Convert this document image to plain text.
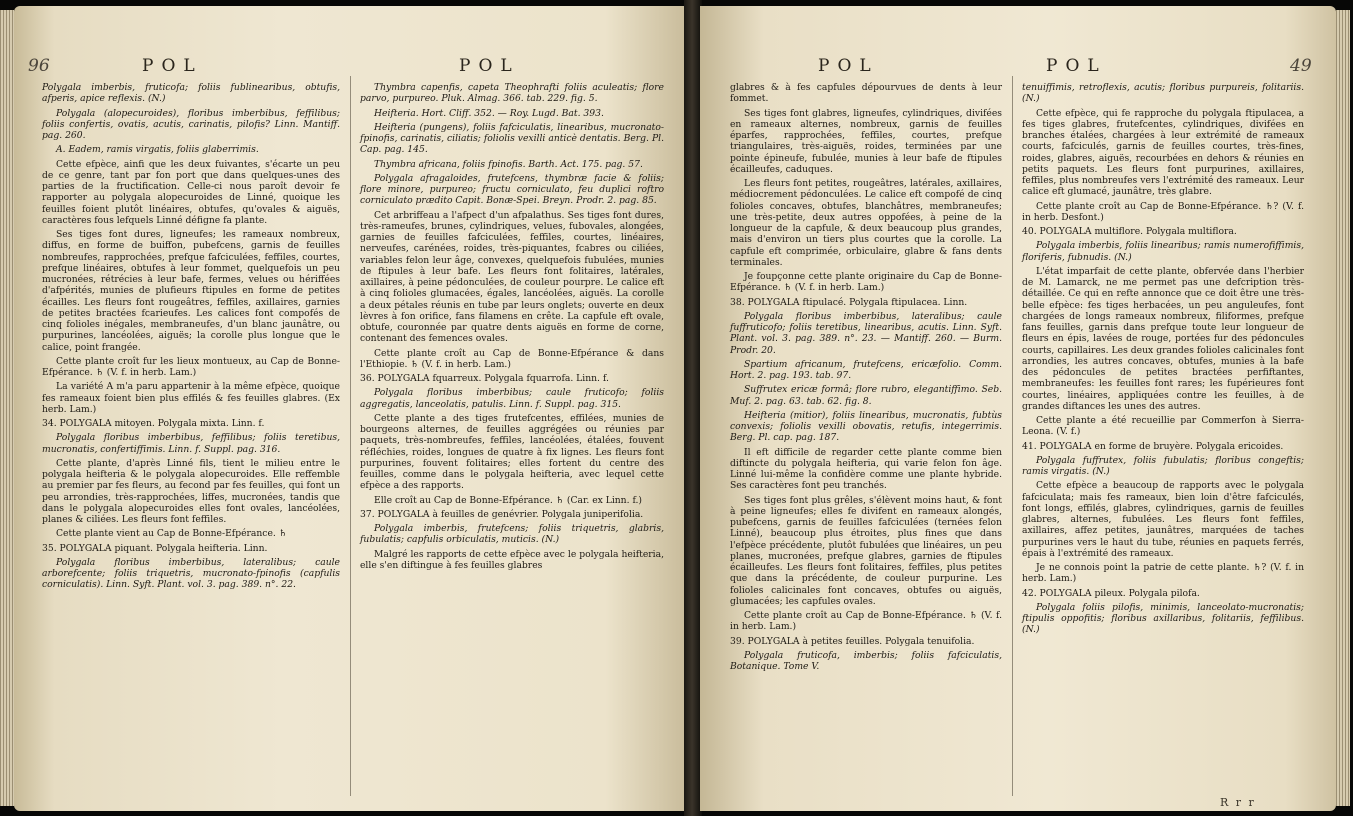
96	POL	POL

Polygala imberbis, fruticofa; foliis fublinearibus, obtufis, afperis, apice reflexis. (N.)

Polygala (alopecuroides), floribus imberbibus, feffilibus; foliis confertis, ovatis, acutis, carinatis, pilofis? Linn. Mantiff. pag. 260.

A. Eadem, ramis virgatis, foliis glaberrimis.

Cette efpèce, ainfi que les deux fuivantes, s'écarte un peu de ce genre, tant par fon port que dans quelques-unes des parties de la fructification. Celle-ci nous paroît devoir fe rapporter au polygala alopecuroides de Linné, quoique les feuilles foient plutôt linéaires, obtufes, qu'ovales & aiguës, caractères fous lefquels Linné défigne fa plante.

Ses tiges font dures, ligneufes; les rameaux nombreux, diffus, en forme de buiffon, pubefcens, garnis de feuilles nombreufes, rapprochées, prefque fafciculées, feffiles, courtes, prefque linéaires, obtufes à leur fommet, quelquefois un peu mucronées, rétrécies à leur bafe, fermes, velues ou hériffées d'afpérités, munies de plufieurs ftipules en forme de petites écailles. Les fleurs font rougeâtres, feffiles, axillaires, garnies de petites bractées fcarieufes. Les calices font compofés de cinq folioles inégales, membraneufes, d'un blanc jaunâtre, ou purpurines, lancéolées, aiguës; la corolle plus longue que le calice, point frangée.

Cette plante croît fur les lieux montueux, au Cap de Bonne-Efpérance. ♄ (V. f. in herb. Lam.)

La variété A m'a paru appartenir à la même efpèce, quoique fes rameaux foient bien plus effilés & fes feuilles glabres. (Ex herb. Lam.)

34. POLYGALA mitoyen. Polygala mixta. Linn. f.

Polygala floribus imberbibus, feffilibus; foliis teretibus, mucronatis, confertiffimis. Linn. f. Suppl. pag. 316.

Cette plante, d'après Linné fils, tient le milieu entre le polygala heifteria & le polygala alopecuroides. Elle reffemble au premier par fes fleurs, au fecond par fes feuilles, qui font un peu arrondies, très-rapprochées, liffes, mucronées, tandis que dans le polygala alopecuroides elles font ovales, lancéolées, planes & ciliées. Les fleurs font feffiles.

Cette plante vient au Cap de Bonne-Efpérance. ♄

35. POLYGALA piquant. Polygala heifteria. Linn.

Polygala floribus imberbibus, lateralibus; caule arborefcente; foliis triquetris, mucronato-fpinofis (capfulis corniculatis). Linn. Syft. Plant. vol. 3. pag. 389. n°. 22.

Thymbra capenfis, capeta Theophrafti foliis aculeatis; flore parvo, purpureo. Pluk. Almag. 366. tab. 229. fig. 5.

Heifteria. Hort. Cliff. 352. — Roy. Lugd. Bat. 393.

Heifteria (pungens), foliis fafciculatis, linearibus, mucronato-fpinofis, carinatis, ciliatis; foliolis vexilli anticè dentatis. Berg. Pl. Cap. pag. 145.

Thymbra africana, foliis fpinofis. Barth. Act. 175. pag. 57.

Polygala afragaloides, frutefcens, thymbræ facie & foliis; flore minore, purpureo; fructu corniculato, feu duplici roftro corniculato prædito Capit. Bonæ-Spei. Breyn. Prodr. 2. pag. 85.

Cet arbriffeau a l'afpect d'un afpalathus. Ses tiges font dures, très-rameufes, brunes, cylindriques, velues, fubovales, alongées, garnies de feuilles fafciculées, feffiles, courtes, linéaires, nerveufes, carénées, roides, très-piquantes, fcabres ou ciliées, variables felon leur âge, convexes, quelquefois fubulées, munies de ftipules à leur bafe. Les fleurs font folitaires, latérales, axillaires, à peine pédonculées, de couleur pourpre. Le calice eft à cinq folioles glumacées, égales, lancéolées, aiguës. La corolle a deux pétales réunis en tube par leurs onglets; ouverte en deux lèvres à fon orifice, fans filamens en crête. La capfule eft ovale, obtufe, couronnée par quatre dents aiguës en forme de corne, contenant des femences ovales.

Cette plante croît au Cap de Bonne-Efpérance & dans l'Ethiopie. ♄ (V. f. in herb. Lam.)

36. POLYGALA fquarreux. Polygala fquarrofa. Linn. f.

Polygala floribus imberbibus; caule fruticofo; foliis aggregatis, lanceolatis, patulis. Linn. f. Suppl. pag. 315.

Cette plante a des tiges frutefcentes, effilées, munies de bourgeons alternes, de feuilles aggrégées ou réunies par paquets, très-nombreufes, feffiles, lancéolées, étalées, fouvent réfléchies, roides, longues de quatre à fix lignes. Les fleurs font purpurines, fouvent folitaires; elles fortent du centre des feuilles, comme dans le polygala heifteria, avec lequel cette efpèce a des rapports.

Elle croît au Cap de Bonne-Efpérance. ♄ (Car. ex Linn. f.)

37. POLYGALA à feuilles de genévrier. Polygala juniperifolia.

Polygala imberbis, frutefcens; foliis triquetris, glabris, fubulatis; capfulis orbiculatis, muticis. (N.)

Malgré les rapports de cette efpèce avec le polygala heifteria, elle s'en diftingue à fes feuilles glabres

POL	POL	49

glabres & à fes capfules dépourvues de dents à leur fommet.

Ses tiges font glabres, ligneufes, cylindriques, divifées en rameaux alternes, nombreux, garnis de feuilles éparfes, rapprochées, feffiles, courtes, prefque triangulaires, très-aiguës, roides, terminées par une pointe épineufe, fubulée, munies à leur bafe de ftipules écailleufes, caduques.

Les fleurs font petites, rougeâtres, latérales, axillaires, médiocrement pédonculées. Le calice eft compofé de cinq folioles concaves, obtufes, blanchâtres, membraneufes; une très-petite, deux autres oppofées, à peine de la longueur de la capfule, & deux beaucoup plus grandes, mais d'environ un tiers plus courtes que la corolle. La capfule eft comprimée, orbiculaire, glabre & fans dents terminales.

Je foupçonne cette plante originaire du Cap de Bonne-Efpérance. ♄ (V. f. in herb. Lam.)

38. POLYGALA ftipulacé. Polygala ftipulacea. Linn.

Polygala floribus imberbibus, lateralibus; caule fuffruticofo; foliis teretibus, linearibus, acutis. Linn. Syft. Plant. vol. 3. pag. 389. n°. 23. — Mantiff. 260. — Burm. Prodr. 20.

Spartium africanum, frutefcens, ericæfolio. Comm. Hort. 2. pag. 193. tab. 97.

Suffrutex ericæ formâ; flore rubro, elegantiffimo. Seb. Muf. 2. pag. 63. tab. 62. fig. 8.

Heifteria (mitior), foliis linearibus, mucronatis, fubtùs convexis; foliolis vexilli obovatis, retufis, integerrimis. Berg. Pl. cap. pag. 187.

Il eft difficile de regarder cette plante comme bien diftincte du polygala heifteria, qui varie felon fon âge. Linné lui-même la confidère comme une plante hybride. Ses caractères font peu tranchés.

Ses tiges font plus grêles, s'élèvent moins haut, & font à peine ligneufes; elles fe divifent en rameaux alongés, pubefcens, garnis de feuilles fafciculées (ternées felon Linné), beaucoup plus étroites, plus fines que dans l'efpèce précédente, plutôt fubulées que linéaires, un peu planes, mucronées, prefque glabres, garnies de ftipules écailleufes. Les fleurs font folitaires, feffiles, plus petites que dans la précédente, de couleur purpurine. Les folioles calicinales font concaves, obtufes ou aiguës, glumacées; les capfules ovales.

Cette plante croît au Cap de Bonne-Efpérance. ♄ (V. f. in herb. Lam.)

39. POLYGALA à petites feuilles. Polygala tenuifolia.

Polygala fruticofa, imberbis; foliis fafciculatis, Botanique. Tome V.

tenuiffimis, retroflexis, acutis; floribus purpureis, folitariis. (N.)

Cette efpèce, qui fe rapproche du polygala ftipulacea, a fes tiges glabres, frutefcentes, cylindriques, divifées en branches étalées, chargées à leur extrémité de rameaux courts, fafciculés, garnis de feuilles courtes, très-fines, roides, glabres, aiguës, recourbées en dehors & réunies en petits paquets. Les fleurs font purpurines, axillaires, feffiles, plus nombreufes vers l'extrémité des rameaux. Leur calice eft glumacé, jaunâtre, très glabre.

Cette plante croît au Cap de Bonne-Efpérance. ♄? (V. f. in herb. Desfont.)

40. POLYGALA multiflore. Polygala multiflora.

Polygala imberbis, foliis linearibus; ramis numerofiffimis, floriferis, fubnudis. (N.)

L'état imparfait de cette plante, obfervée dans l'herbier de M. Lamarck, ne me permet pas une defcription très-détaillée. Ce qui en refte annonce que ce doit être une très-belle efpèce: fes tiges herbacées, un peu anguleufes, font chargées de longs rameaux nombreux, filiformes, prefque fans feuilles, garnis dans prefque toute leur longueur de fleurs en épis, lavées de rouge, portées fur des pédoncules courts, capillaires. Les deux grandes folioles calicinales font arrondies, les autres concaves, obtufes, munies à la bafe des pédoncules de petites bractées perfiftantes, membraneufes: les feuilles font rares; les fupérieures font courtes, linéaires, appliquées contre les feuilles, à de grandes diftances les unes des autres.

Cette plante a été recueillie par Commerfon à Sierra-Leona. (V. f.)

41. POLYGALA en forme de bruyère. Polygala ericoides.

Polygala fuffrutex, foliis fubulatis; floribus congeftis; ramis virgatis. (N.)

Cette efpèce a beaucoup de rapports avec le polygala fafciculata; mais fes rameaux, bien loin d'être fafciculés, font longs, effilés, glabres, cylindriques, garnis de feuilles glabres, alternes, fubulées. Les fleurs font feffiles, axillaires, affez petites, jaunâtres, marquées de taches purpurines vers le haut du tube, réunies en paquets ferrés, épais à l'extrémité des rameaux.

Je ne connois point la patrie de cette plante. ♄? (V. f. in herb. Lam.)

42. POLYGALA pileux. Polygala pilofa.

Polygala foliis pilofis, minimis, lanceolato-mucronatis; ftipulis oppofitis; floribus axillaribus, folitariis, feffilibus. (N.)

R r r
